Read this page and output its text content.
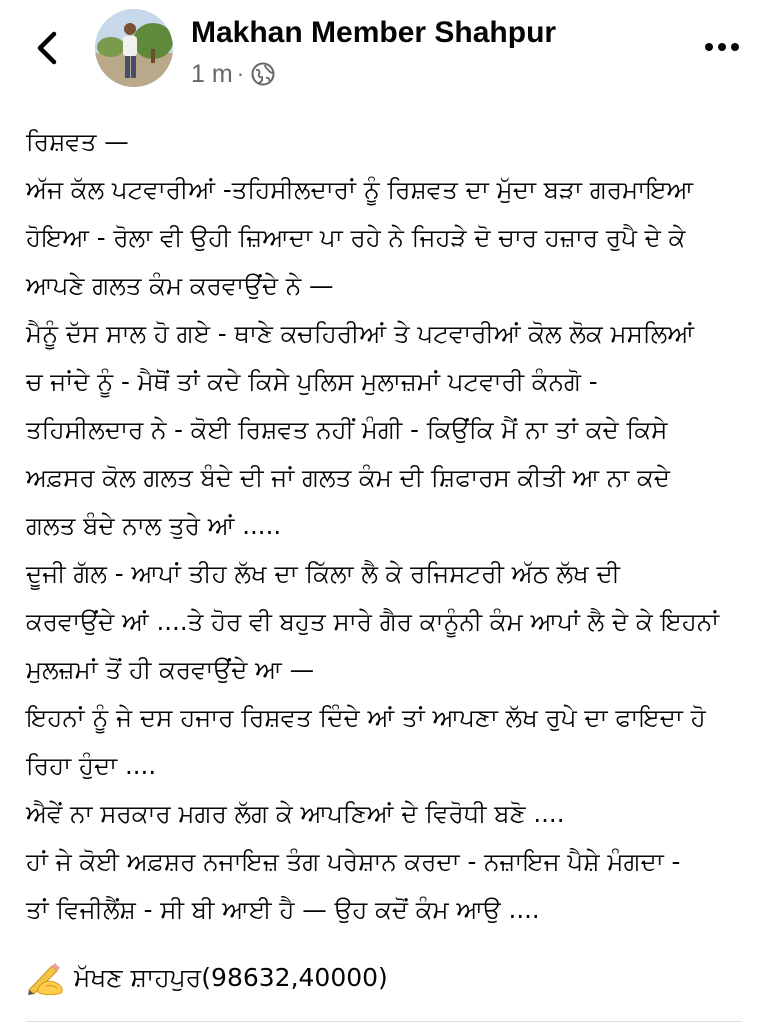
Makhan Member Shahpur
1 m ·
ਰਿਸ਼ਵਤ —
ਅੱਜ ਕੱਲ ਪਟਵਾਰੀਆਂ -ਤਹਿਸੀਲਦਾਰਾਂ ਨੂੰ ਰਿਸ਼ਵਤ ਦਾ ਮੁੱਦਾ ਬੜਾ ਗਰਮਾਇਆ
ਹੋਇਆ - ਰੋਲਾ ਵੀ ਉਹੀ ਜ਼ਿਆਦਾ ਪਾ ਰਹੇ ਨੇ ਜਿਹੜੇ ਦੋ ਚਾਰ ਹਜ਼ਾਰ ਰੁਪੈ ਦੇ ਕੇ
ਆਪਣੇ ਗਲਤ ਕੰਮ ਕਰਵਾਉਂਦੇ ਨੇ —
ਮੈਨੂੰ ਦੱਸ ਸਾਲ ਹੋ ਗਏ - ਥਾਣੇ ਕਚਹਿਰੀਆਂ ਤੇ ਪਟਵਾਰੀਆਂ ਕੋਲ ਲੋਕ ਮਸਲਿਆਂ
ਚ ਜਾਂਦੇ ਨੂੰ - ਮੈਥੋਂ ਤਾਂ ਕਦੇ ਕਿਸੇ ਪੁਲਿਸ ਮੁਲਾਜ਼ਮਾਂ ਪਟਵਾਰੀ ਕੰਨਗੋ -
ਤਹਿਸੀਲਦਾਰ ਨੇ - ਕੋਈ ਰਿਸ਼ਵਤ ਨਹੀਂ ਮੰਗੀ - ਕਿਉਂਕਿ ਮੈਂ ਨਾ ਤਾਂ ਕਦੇ ਕਿਸੇ
ਅਫ਼ਸਰ ਕੋਲ ਗਲਤ ਬੰਦੇ ਦੀ ਜਾਂ ਗਲਤ ਕੰਮ ਦੀ ਸ਼ਿਫਾਰਸ ਕੀਤੀ ਆ ਨਾ ਕਦੇ
ਗਲਤ ਬੰਦੇ ਨਾਲ ਤੁਰੇ ਆਂ .....
ਦੂਜੀ ਗੱਲ - ਆਪਾਂ ਤੀਹ ਲੱਖ ਦਾ ਕਿੱਲਾ ਲੈ ਕੇ ਰਜਿਸਟਰੀ ਅੱਠ ਲੱਖ ਦੀ
ਕਰਵਾਉਂਦੇ ਆਂ ....ਤੇ ਹੋਰ ਵੀ ਬਹੁਤ ਸਾਰੇ ਗੈਰ ਕਾਨੂੰਨੀ ਕੰਮ ਆਪਾਂ ਲੈ ਦੇ ਕੇ ਇਹਨਾਂ
ਮੁਲਜ਼ਮਾਂ ਤੋਂ ਹੀ ਕਰਵਾਉਂਦੇ ਆ —
ਇਹਨਾਂ ਨੂੰ ਜੇ ਦਸ ਹਜਾਰ ਰਿਸ਼ਵਤ ਦਿੰਦੇ ਆਂ ਤਾਂ ਆਪਣਾ ਲੱਖ ਰੁਪੇ ਦਾ ਫਾਇਦਾ ਹੋ
ਰਿਹਾ ਹੁੰਦਾ ....
ਐਵੇਂ ਨਾ ਸਰਕਾਰ ਮਗਰ ਲੱਗ ਕੇ ਆਪਣਿਆਂ ਦੇ ਵਿਰੋਧੀ ਬਣੋ ....
ਹਾਂ ਜੇ ਕੋਈ ਅਫ਼ਸ਼ਰ ਨਜਾਇਜ਼ ਤੰਗ ਪਰੇਸ਼ਾਨ ਕਰਦਾ - ਨਜ਼ਾਇਜ ਪੈਸ਼ੇ ਮੰਗਦਾ -
ਤਾਂ ਵਿਜੀਲੈਂਸ਼ - ਸੀ ਬੀ ਆਈ ਹੈ — ਉਹ ਕਦੋਂ ਕੰਮ ਆਉ ....
ਮੱਖਣ ਸ਼ਾਹਪੁਰ(98632,40000)
